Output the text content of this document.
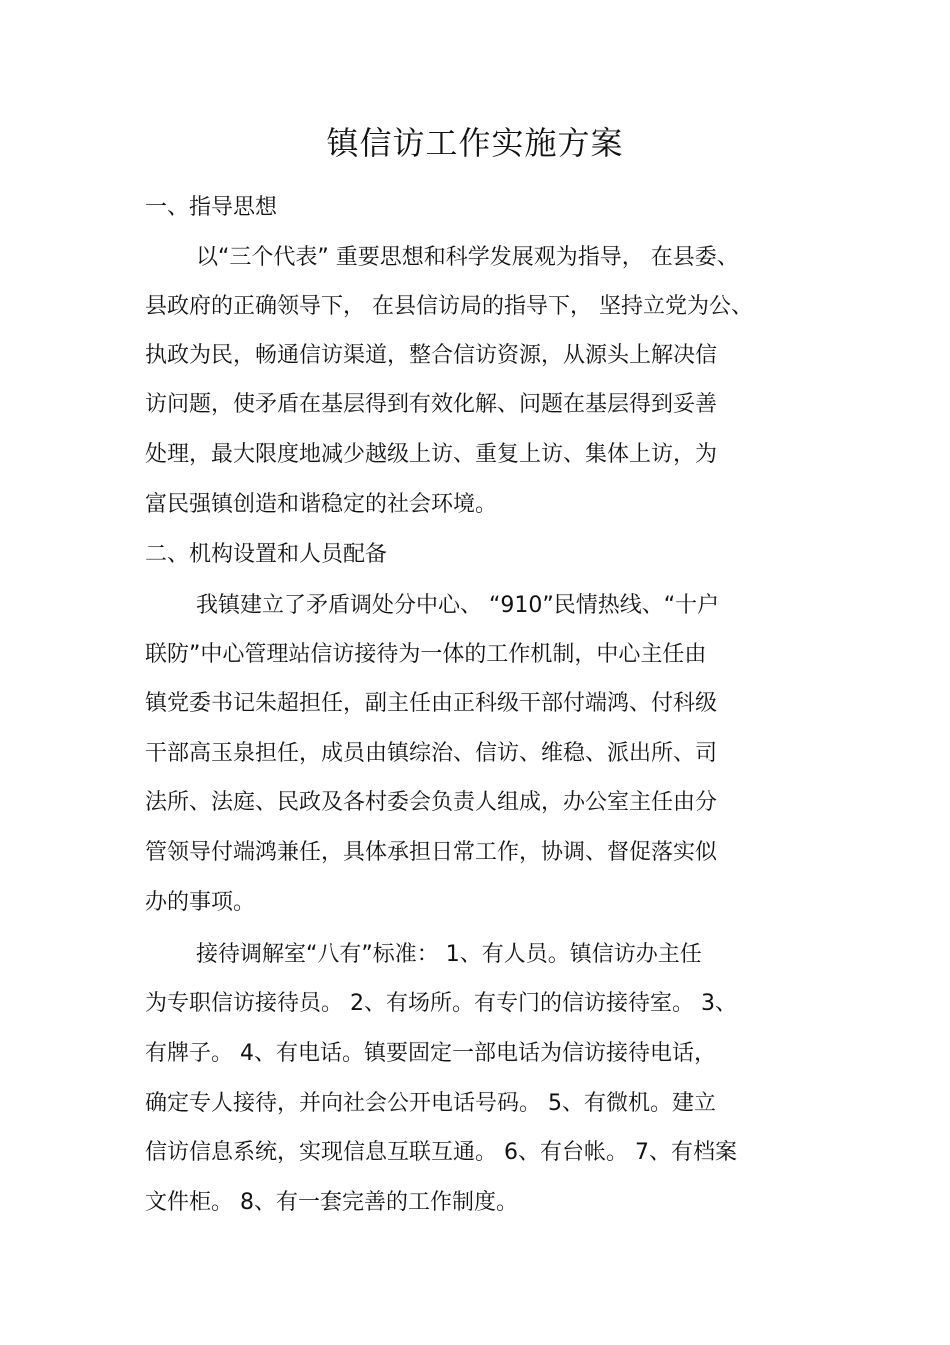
镇信访工作实施方案
一、指导思想
以“三个代表” 重要思想和科学发展观为指导， 在县委、
县政府的正确领导下， 在县信访局的指导下， 坚持立党为公、
执政为民，畅通信访渠道，整合信访资源，从源头上解决信
访问题，使矛盾在基层得到有效化解、问题在基层得到妥善
处理，最大限度地减少越级上访、重复上访、集体上访，为
富民强镇创造和谐稳定的社会环境。
二、机构设置和人员配备
我镇建立了矛盾调处分中心、 “910”民情热线、“十户
联防”中心管理站信访接待为一体的工作机制，中心主任由
镇党委书记朱超担任，副主任由正科级干部付端鸿、付科级
干部高玉泉担任，成员由镇综治、信访、维稳、派出所、司
法所、法庭、民政及各村委会负责人组成，办公室主任由分
管领导付端鸿兼任，具体承担日常工作，协调、督促落实似
办的事项。
接待调解室“八有”标准： 1、有人员。镇信访办主任
为专职信访接待员。 2、有场所。有专门的信访接待室。 3、
有牌子。 4、有电话。镇要固定一部电话为信访接待电话，
确定专人接待，并向社会公开电话号码。 5、有微机。建立
信访信息系统，实现信息互联互通。 6、有台帐。 7、有档案
文件柜。 8、有一套完善的工作制度。
